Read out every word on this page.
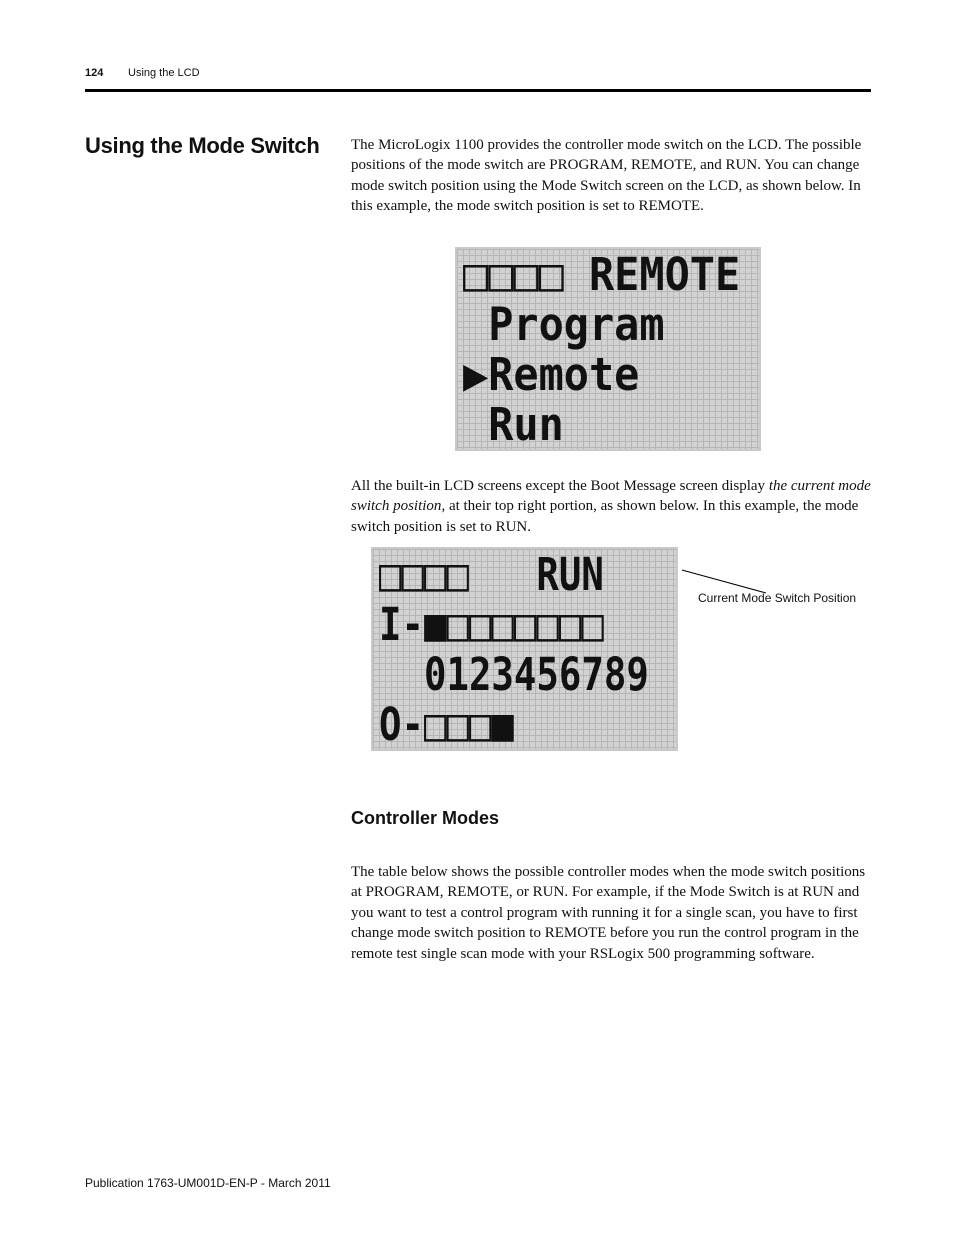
124 Using the LCD
Using the Mode Switch The MicroLogix 1100 provides the controller mode switch on the LCD. The possible positions of the mode switch are PROGRAM, REMOTE, and RUN. You can change mode switch position using the Mode Switch screen on the LCD, as shown below. In this example, the mode switch position is set to REMOTE.
□□□□ REMOTE
Program
▶Remote
Run
All the built-in LCD screens except the Boot Message screen display the current mode switch position, at their top right portion, as shown below. In this example, the mode switch position is set to RUN.
□□□□   RUN
I-■□□□□□□□
0123456789
O-□□□■
Current Mode Switch Position
Controller Modes
The table below shows the possible controller modes when the mode switch positions at PROGRAM, REMOTE, or RUN. For example, if the Mode Switch is at RUN and you want to test a control program with running it for a single scan, you have to first change mode switch position to REMOTE before you run the control program in the remote test single scan mode with your RSLogix 500 programming software.
Publication 1763-UM001D-EN-P - March 2011
